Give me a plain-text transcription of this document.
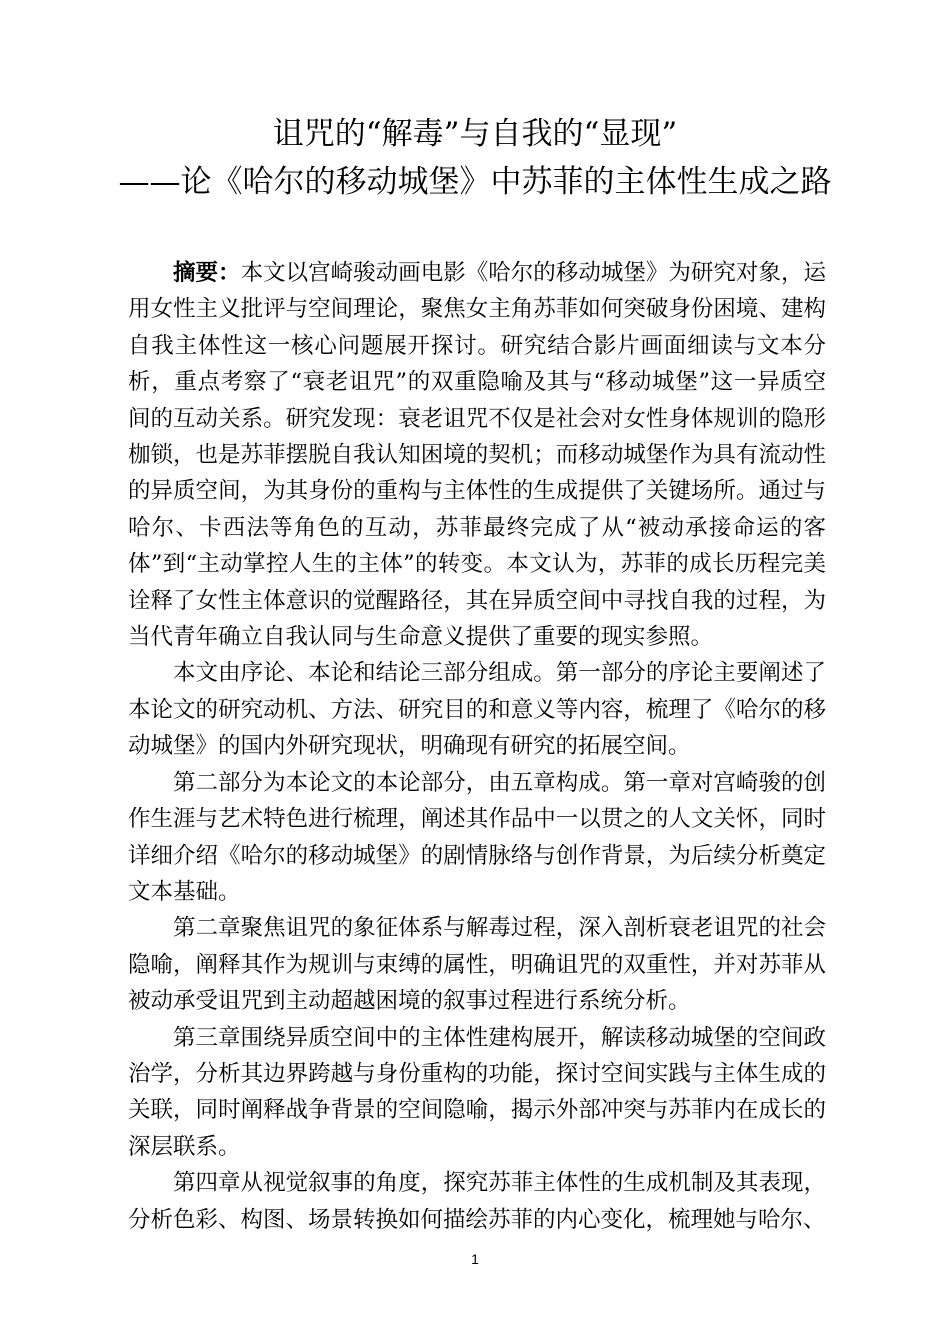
诅咒的“解毒”与自我的“显现”
——论《哈尔的移动城堡》中苏菲的主体性生成之路

摘要：本文以宫崎骏动画电影《哈尔的移动城堡》为研究对象，运用女性主义批评与空间理论，聚焦女主角苏菲如何突破身份困境、建构自我主体性这一核心问题展开探讨。研究结合影片画面细读与文本分析，重点考察了“衰老诅咒”的双重隐喻及其与“移动城堡”这一异质空间的互动关系。研究发现：衰老诅咒不仅是社会对女性身体规训的隐形枷锁，也是苏菲摆脱自我认知困境的契机；而移动城堡作为具有流动性的异质空间，为其身份的重构与主体性的生成提供了关键场所。通过与哈尔、卡西法等角色的互动，苏菲最终完成了从“被动承接命运的客体”到“主动掌控人生的主体”的转变。本文认为，苏菲的成长历程完美诠释了女性主体意识的觉醒路径，其在异质空间中寻找自我的过程，为当代青年确立自我认同与生命意义提供了重要的现实参照。

本文由序论、本论和结论三部分组成。第一部分的序论主要阐述了本论文的研究动机、方法、研究目的和意义等内容，梳理了《哈尔的移动城堡》的国内外研究现状，明确现有研究的拓展空间。

第二部分为本论文的本论部分，由五章构成。第一章对宫崎骏的创作生涯与艺术特色进行梳理，阐述其作品中一以贯之的人文关怀，同时详细介绍《哈尔的移动城堡》的剧情脉络与创作背景，为后续分析奠定文本基础。

第二章聚焦诅咒的象征体系与解毒过程，深入剖析衰老诅咒的社会隐喻，阐释其作为规训与束缚的属性，明确诅咒的双重性，并对苏菲从被动承受诅咒到主动超越困境的叙事过程进行系统分析。

第三章围绕异质空间中的主体性建构展开，解读移动城堡的空间政治学，分析其边界跨越与身份重构的功能，探讨空间实践与主体生成的关联，同时阐释战争背景的空间隐喻，揭示外部冲突与苏菲内在成长的深层联系。

第四章从视觉叙事的角度，探究苏菲主体性的生成机制及其表现，分析色彩、构图、场景转换如何描绘苏菲的内心变化，梳理她与哈尔、

1
